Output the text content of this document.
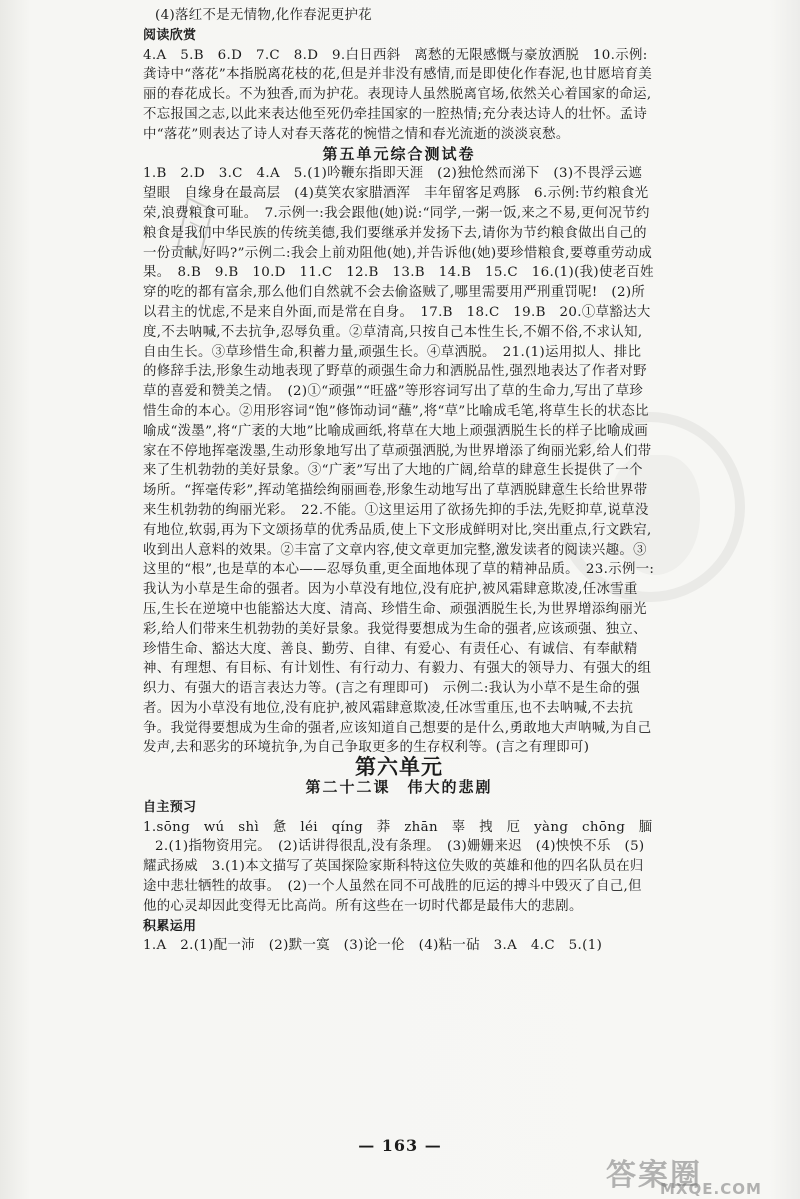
(4)落红不是无情物,化作春泥更护花

阅读欣赏

4.A　5.B　6.D　7.C　8.D　9.白日西斜　离愁的无限感慨与豪放洒脱　10.示例:龚诗中“落花”本指脱离花枝的花,但是并非没有感情,而是即使化作春泥,也甘愿培育美丽的春花成长。不为独香,而为护花。表现诗人虽然脱离官场,依然关心着国家的命运,不忘报国之志,以此来表达他至死仍牵挂国家的一腔热情;充分表达诗人的壮怀。孟诗中“落花”则表达了诗人对春天落花的惋惜之情和春光流逝的淡淡哀愁。

第五单元综合测试卷

1.B　2.D　3.C　4.A　5.(1)吟鞭东指即天涯　(2)独怆然而涕下　(3)不畏浮云遮望眼　自缘身在最高层　(4)莫笑农家腊酒浑　丰年留客足鸡豚　6.示例:节约粮食光荣,浪费粮食可耻。　7.示例一:我会跟他(她)说:“同学,一粥一饭,来之不易,更何况节约粮食是我们中华民族的传统美德,我们要继承并发扬下去,请你为节约粮食做出自己的一份贡献,好吗?”示例二:我会上前劝阻他(她),并告诉他(她)要珍惜粮食,要尊重劳动成果。　8.B　9.B　10.D　11.C　12.B　13.B　14.B　15.C　16.(1)(我)使老百姓穿的吃的都有富余,那么他们自然就不会去偷盗贼了,哪里需要用严刑重罚呢!　(2)所以君主的忧虑,不是来自外面,而是常在自身。　17.B　18.C　19.B　20.①草豁达大度,不去呐喊,不去抗争,忍辱负重。②草清高,只按自己本性生长,不媚不俗,不求认知,自由生长。③草珍惜生命,积蓄力量,顽强生长。④草洒脱。　21.(1)运用拟人、排比的修辞手法,形象生动地表现了野草的顽强生命力和洒脱品性,强烈地表达了作者对野草的喜爱和赞美之情。　(2)①“顽强”“旺盛”等形容词写出了草的生命力,写出了草珍惜生命的本心。②用形容词“饱”修饰动词“蘸”,将“草”比喻成毛笔,将草生长的状态比喻成“泼墨”,将“广袤的大地”比喻成画纸,将草在大地上顽强洒脱生长的样子比喻成画家在不停地挥毫泼墨,生动形象地写出了草顽强洒脱,为世界增添了绚丽光彩,给人们带来了生机勃勃的美好景象。③“广袤”写出了大地的广阔,给草的肆意生长提供了一个场所。“挥毫传彩”,挥动笔描绘绚丽画卷,形象生动地写出了草洒脱肆意生长给世界带来生机勃勃的绚丽光彩。　22.不能。①这里运用了欲扬先抑的手法,先贬抑草,说草没有地位,软弱,再为下文颂扬草的优秀品质,使上下文形成鲜明对比,突出重点,行文跌宕,收到出人意料的效果。②丰富了文章内容,使文章更加完整,激发读者的阅读兴趣。③这里的“根”,也是草的本心——忍辱负重,更全面地体现了草的精神品质。　23.示例一:我认为小草是生命的强者。因为小草没有地位,没有庇护,被风霜肆意欺凌,任冰雪重压,生长在逆境中也能豁达大度、清高、珍惜生命、顽强洒脱生长,为世界增添绚丽光彩,给人们带来生机勃勃的美好景象。我觉得要想成为生命的强者,应该顽强、独立、珍惜生命、豁达大度、善良、勤劳、自律、有爱心、有责任心、有诚信、有奉献精神、有理想、有目标、有计划性、有行动力、有毅力、有强大的领导力、有强大的组织力、有强大的语言表达力等。(言之有理即可)　示例二:我认为小草不是生命的强者。因为小草没有地位,没有庇护,被风霜肆意欺凌,任冰雪重压,也不去呐喊,不去抗争。我觉得要想成为生命的强者,应该知道自己想要的是什么,勇敢地大声呐喊,为自己发声,去和恶劣的环境抗争,为自己争取更多的生存权利等。(言之有理即可)

第六单元

第二十二课　伟大的悲剧

自主预习

1.sōng　wú　shì　惫　léi　qíng　莽　zhān　辜　拽　厄　yàng　chōng　腼

2.(1)指物资用完。　(2)话讲得很乱,没有条理。　(3)姗姗来迟　(4)怏怏不乐　(5)耀武扬威　3.(1)本文描写了英国探险家斯科特这位失败的英雄和他的四名队员在归途中悲壮牺牲的故事。　(2)一个人虽然在同不可战胜的厄运的搏斗中毁灭了自己,但他的心灵却因此变得无比高尚。所有这些在一切时代都是最伟大的悲剧。

积累运用

1.A　2.(1)配一沛　(2)默一寞　(3)论一伦　(4)粘一砧　3.A　4.C　5.(1)

— 163 —
答案圈
MXQE.COM
